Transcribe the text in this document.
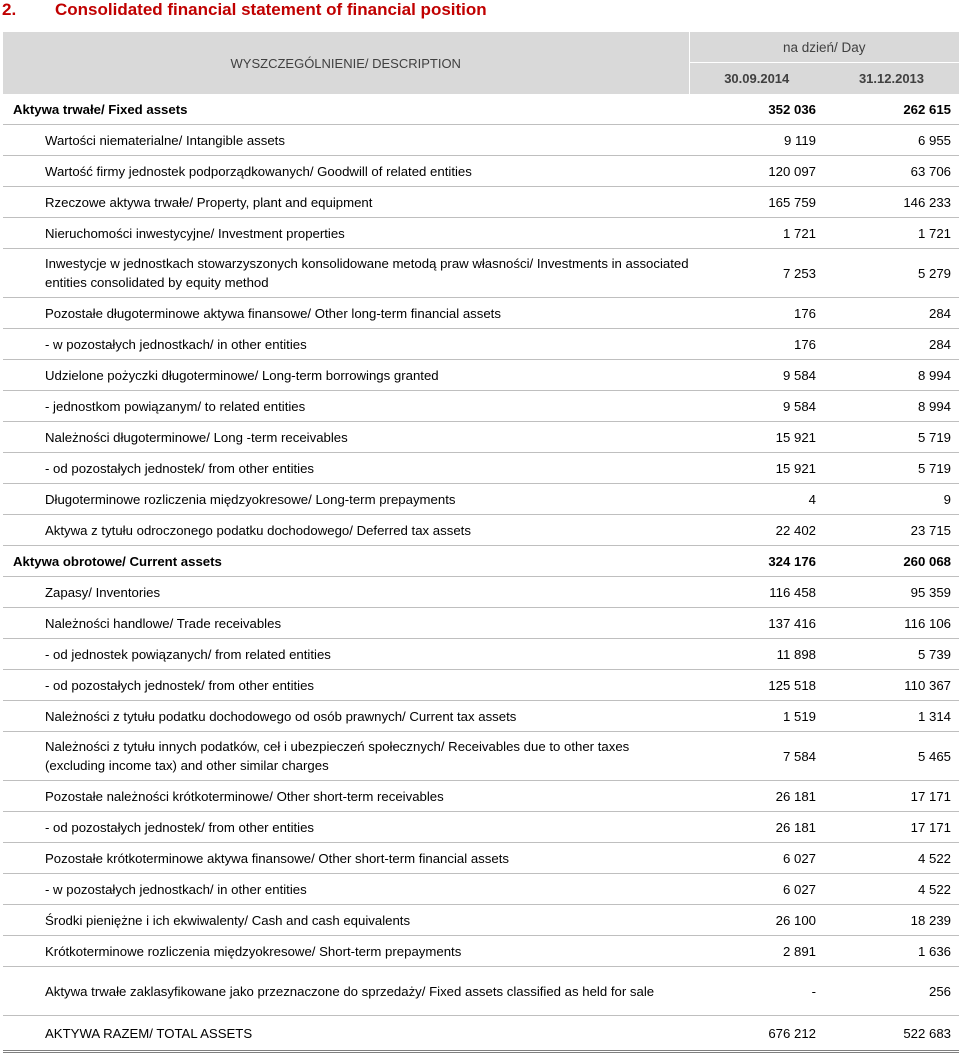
2. Consolidated financial statement of financial position
WYSZCZEGÓLNIENIE/ DESCRIPTION	na dzień/ Day	
	30.09.2014	31.12.2013
Aktywa trwałe/ Fixed assets	352 036	262 615
Wartości niematerialne/ Intangible assets	9 119	6 955
Wartość firmy jednostek podporządkowanych/ Goodwill of related entities	120 097	63 706
Rzeczowe aktywa trwałe/ Property, plant and equipment	165 759	146 233
Nieruchomości inwestycyjne/ Investment properties	1 721	1 721
Inwestycje w jednostkach stowarzyszonych konsolidowane metodą praw własności/ Investments in associated entities consolidated by equity method	7 253	5 279
Pozostałe długoterminowe aktywa finansowe/ Other long-term financial assets	176	284
- w pozostałych jednostkach/ in other entities	176	284
Udzielone pożyczki długoterminowe/ Long-term borrowings granted	9 584	8 994
- jednostkom powiązanym/ to related entities	9 584	8 994
Należności długoterminowe/ Long -term receivables	15 921	5 719
- od pozostałych jednostek/ from other entities	15 921	5 719
Długoterminowe rozliczenia międzyokresowe/ Long-term prepayments	4	9
Aktywa z tytułu odroczonego podatku dochodowego/ Deferred tax assets	22 402	23 715
Aktywa obrotowe/ Current assets	324 176	260 068
Zapasy/ Inventories	116 458	95 359
Należności handlowe/ Trade receivables	137 416	116 106
- od jednostek powiązanych/ from related entities	11 898	5 739
- od pozostałych jednostek/ from other entities	125 518	110 367
Należności z tytułu podatku dochodowego od osób prawnych/ Current tax assets	1 519	1 314
Należności z tytułu innych podatków, ceł i ubezpieczeń społecznych/ Receivables due to other taxes (excluding income tax) and other similar charges	7 584	5 465
Pozostałe należności krótkoterminowe/ Other short-term receivables	26 181	17 171
- od pozostałych jednostek/ from other entities	26 181	17 171
Pozostałe krótkoterminowe aktywa finansowe/ Other short-term financial assets	6 027	4 522
- w pozostałych jednostkach/ in other entities	6 027	4 522
Środki pieniężne i ich ekwiwalenty/ Cash and cash equivalents	26 100	18 239
Krótkoterminowe rozliczenia międzyokresowe/ Short-term prepayments	2 891	1 636
Aktywa trwałe zaklasyfikowane jako przeznaczone do sprzedaży/ Fixed assets classified as held for sale	-	256
AKTYWA RAZEM/ TOTAL ASSETS	676 212	522 683
